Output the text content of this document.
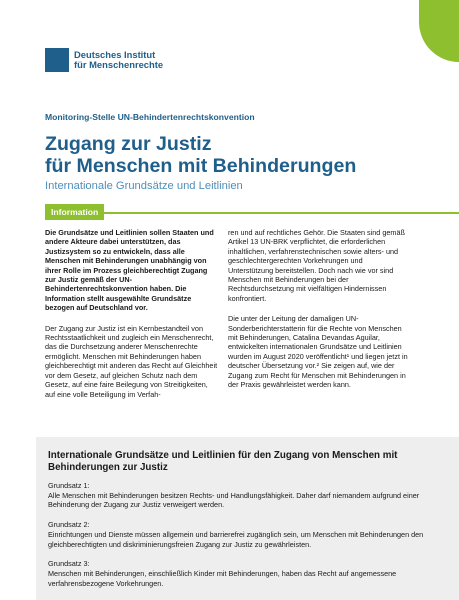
Deutsches Institut
für Menschenrechte
Monitoring-Stelle UN-Behindertenrechtskonvention
Zugang zur Justiz
für Menschen mit Behinderungen
Internationale Grundsätze und Leitlinien
Information

Die Grundsätze und Leitlinien sollen Staaten und andere Akteure dabei unterstützen, das Justizsystem so zu entwickeln, dass alle Menschen mit Behinderungen unabhängig von ihrer Rolle im Prozess gleichberechtigt Zugang zur Justiz gemäß der UN-Behindertenrechtskonvention haben. Die Information stellt ausgewählte Grundsätze bezogen auf Deutschland vor.

Der Zugang zur Justiz ist ein Kernbestandteil von Rechtsstaatlichkeit und zugleich ein Menschenrecht, das die Durchsetzung anderer Menschenrechte ermöglicht. Menschen mit Behinderungen haben gleichberechtigt mit anderen das Recht auf Gleichheit vor dem Gesetz, auf gleichen Schutz nach dem Gesetz, auf eine faire Beilegung von Streitigkeiten, auf eine volle Beteiligung im Verfah-

ren und auf rechtliches Gehör. Die Staaten sind gemäß Artikel 13 UN-BRK verpflichtet, die erforderlichen inhaltlichen, verfahrenstechnischen sowie alters- und geschlechtergerechten Vorkehrungen und Unterstützung bereitstellen. Doch nach wie vor sind Menschen mit Behinderungen bei der Rechtsdurchsetzung mit vielfältigen Hindernissen konfrontiert.

Die unter der Leitung der damaligen UN-Sonderberichterstatterin für die Rechte von Menschen mit Behinderungen, Catalina Devandas Aguilar, entwickelten internationalen Grundsätze und Leitlinien wurden im August 2020 veröffentlicht¹ und liegen jetzt in deutscher Übersetzung vor.² Sie zeigen auf, wie der Zugang zum Recht für Menschen mit Behinderungen in der Praxis gewährleistet werden kann.

Internationale Grundsätze und Leitlinien für den Zugang von Menschen mit Behinderungen zur Justiz
Grundsatz 1:
Alle Menschen mit Behinderungen besitzen Rechts- und Handlungsfähigkeit. Daher darf niemandem aufgrund einer Behinderung der Zugang zur Justiz verweigert werden.
Grundsatz 2:
Einrichtungen und Dienste müssen allgemein und barrierefrei zugänglich sein, um Menschen mit Behinderungen den gleichberechtigten und diskriminierungsfreien Zugang zur Justiz zu gewährleisten.
Grundsatz 3:
Menschen mit Behinderungen, einschließlich Kinder mit Behinderungen, haben das Recht auf angemessene verfahrensbezogene Vorkehrungen.
